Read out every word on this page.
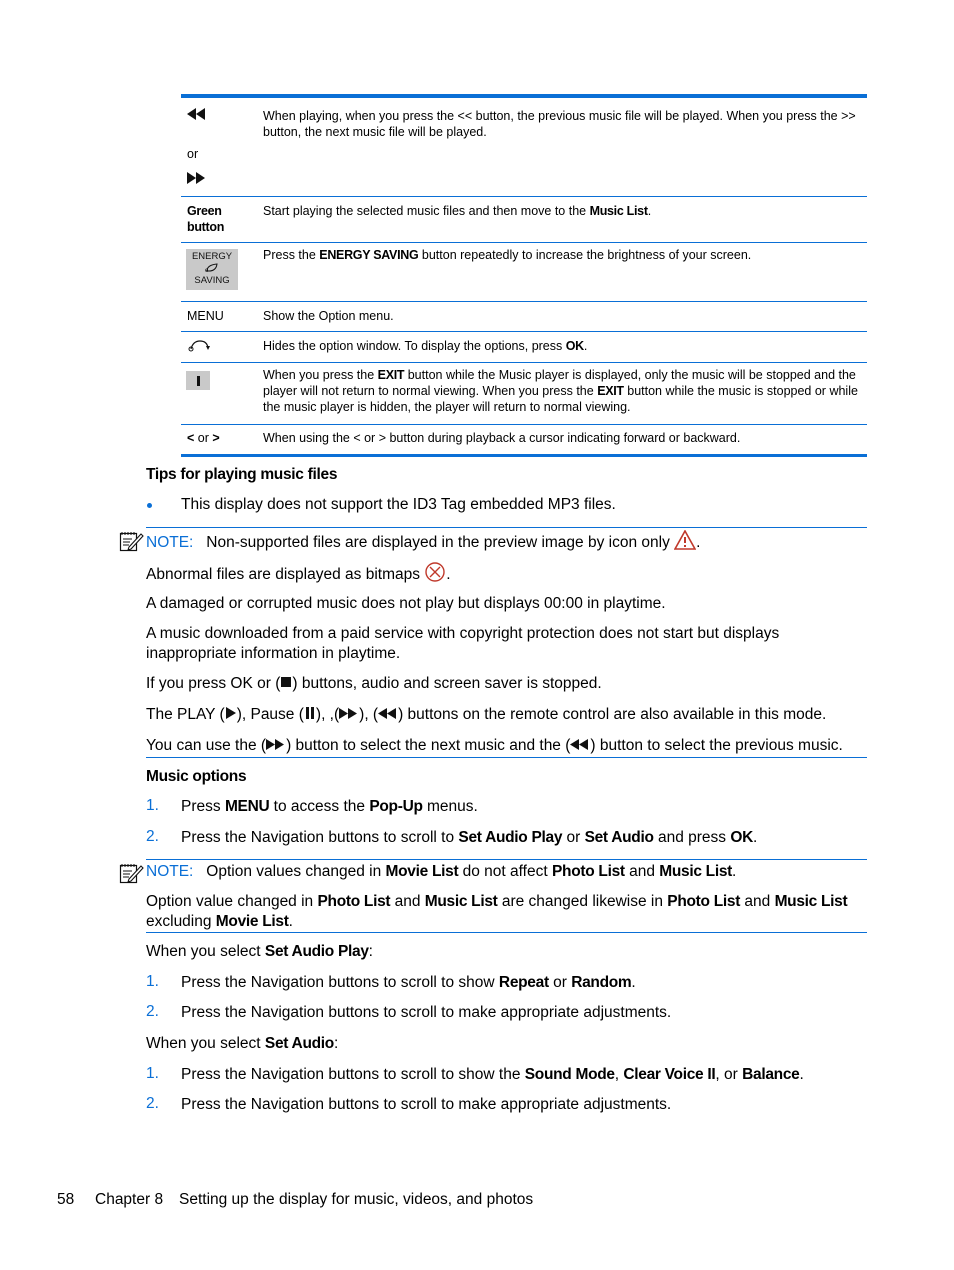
or
When playing, when you press the << button, the previous music file will be played. When you press the >> button, the next music file will be played.
Green button
Start playing the selected music files and then move to the Music List.
ENERGY
e
SAVING
Press the ENERGY SAVING button repeatedly to increase the brightness of your screen.
MENU	Show the Option menu.
Hides the option window. To display the options, press OK.
When you press the EXIT button while the Music player is displayed, only the music will be stopped and the player will not return to normal viewing. When you press the EXIT button while the music is stopped or while the music player is hidden, the player will return to normal viewing.
< or >	When using the < or > button during playback a cursor indicating forward or backward.
Tips for playing music files
This display does not support the ID3 Tag embedded MP3 files.
NOTE: Non-supported files are displayed in the preview image by icon only .
Abnormal files are displayed as bitmaps .
A damaged or corrupted music does not play but displays 00:00 in playtime.
A music downloaded from a paid service with copyright protection does not start but displays inappropriate information in playtime.
If you press OK or ( ) buttons, audio and screen saver is stopped.
The PLAY ( ), Pause ( ), ,( ), ( ) buttons on the remote control are also available in this mode.
You can use the ( ) button to select the next music and the ( ) button to select the previous music.
Music options
1. Press MENU to access the Pop-Up menus.
2. Press the Navigation buttons to scroll to Set Audio Play or Set Audio and press OK.
NOTE: Option values changed in Movie List do not affect Photo List and Music List.
Option value changed in Photo List and Music List are changed likewise in Photo List and Music List excluding Movie List.
When you select Set Audio Play:
1. Press the Navigation buttons to scroll to show Repeat or Random.
2. Press the Navigation buttons to scroll to make appropriate adjustments.
When you select Set Audio:
1. Press the Navigation buttons to scroll to show the Sound Mode, Clear Voice II, or Balance.
2. Press the Navigation buttons to scroll to make appropriate adjustments.
58 Chapter 8 Setting up the display for music, videos, and photos
